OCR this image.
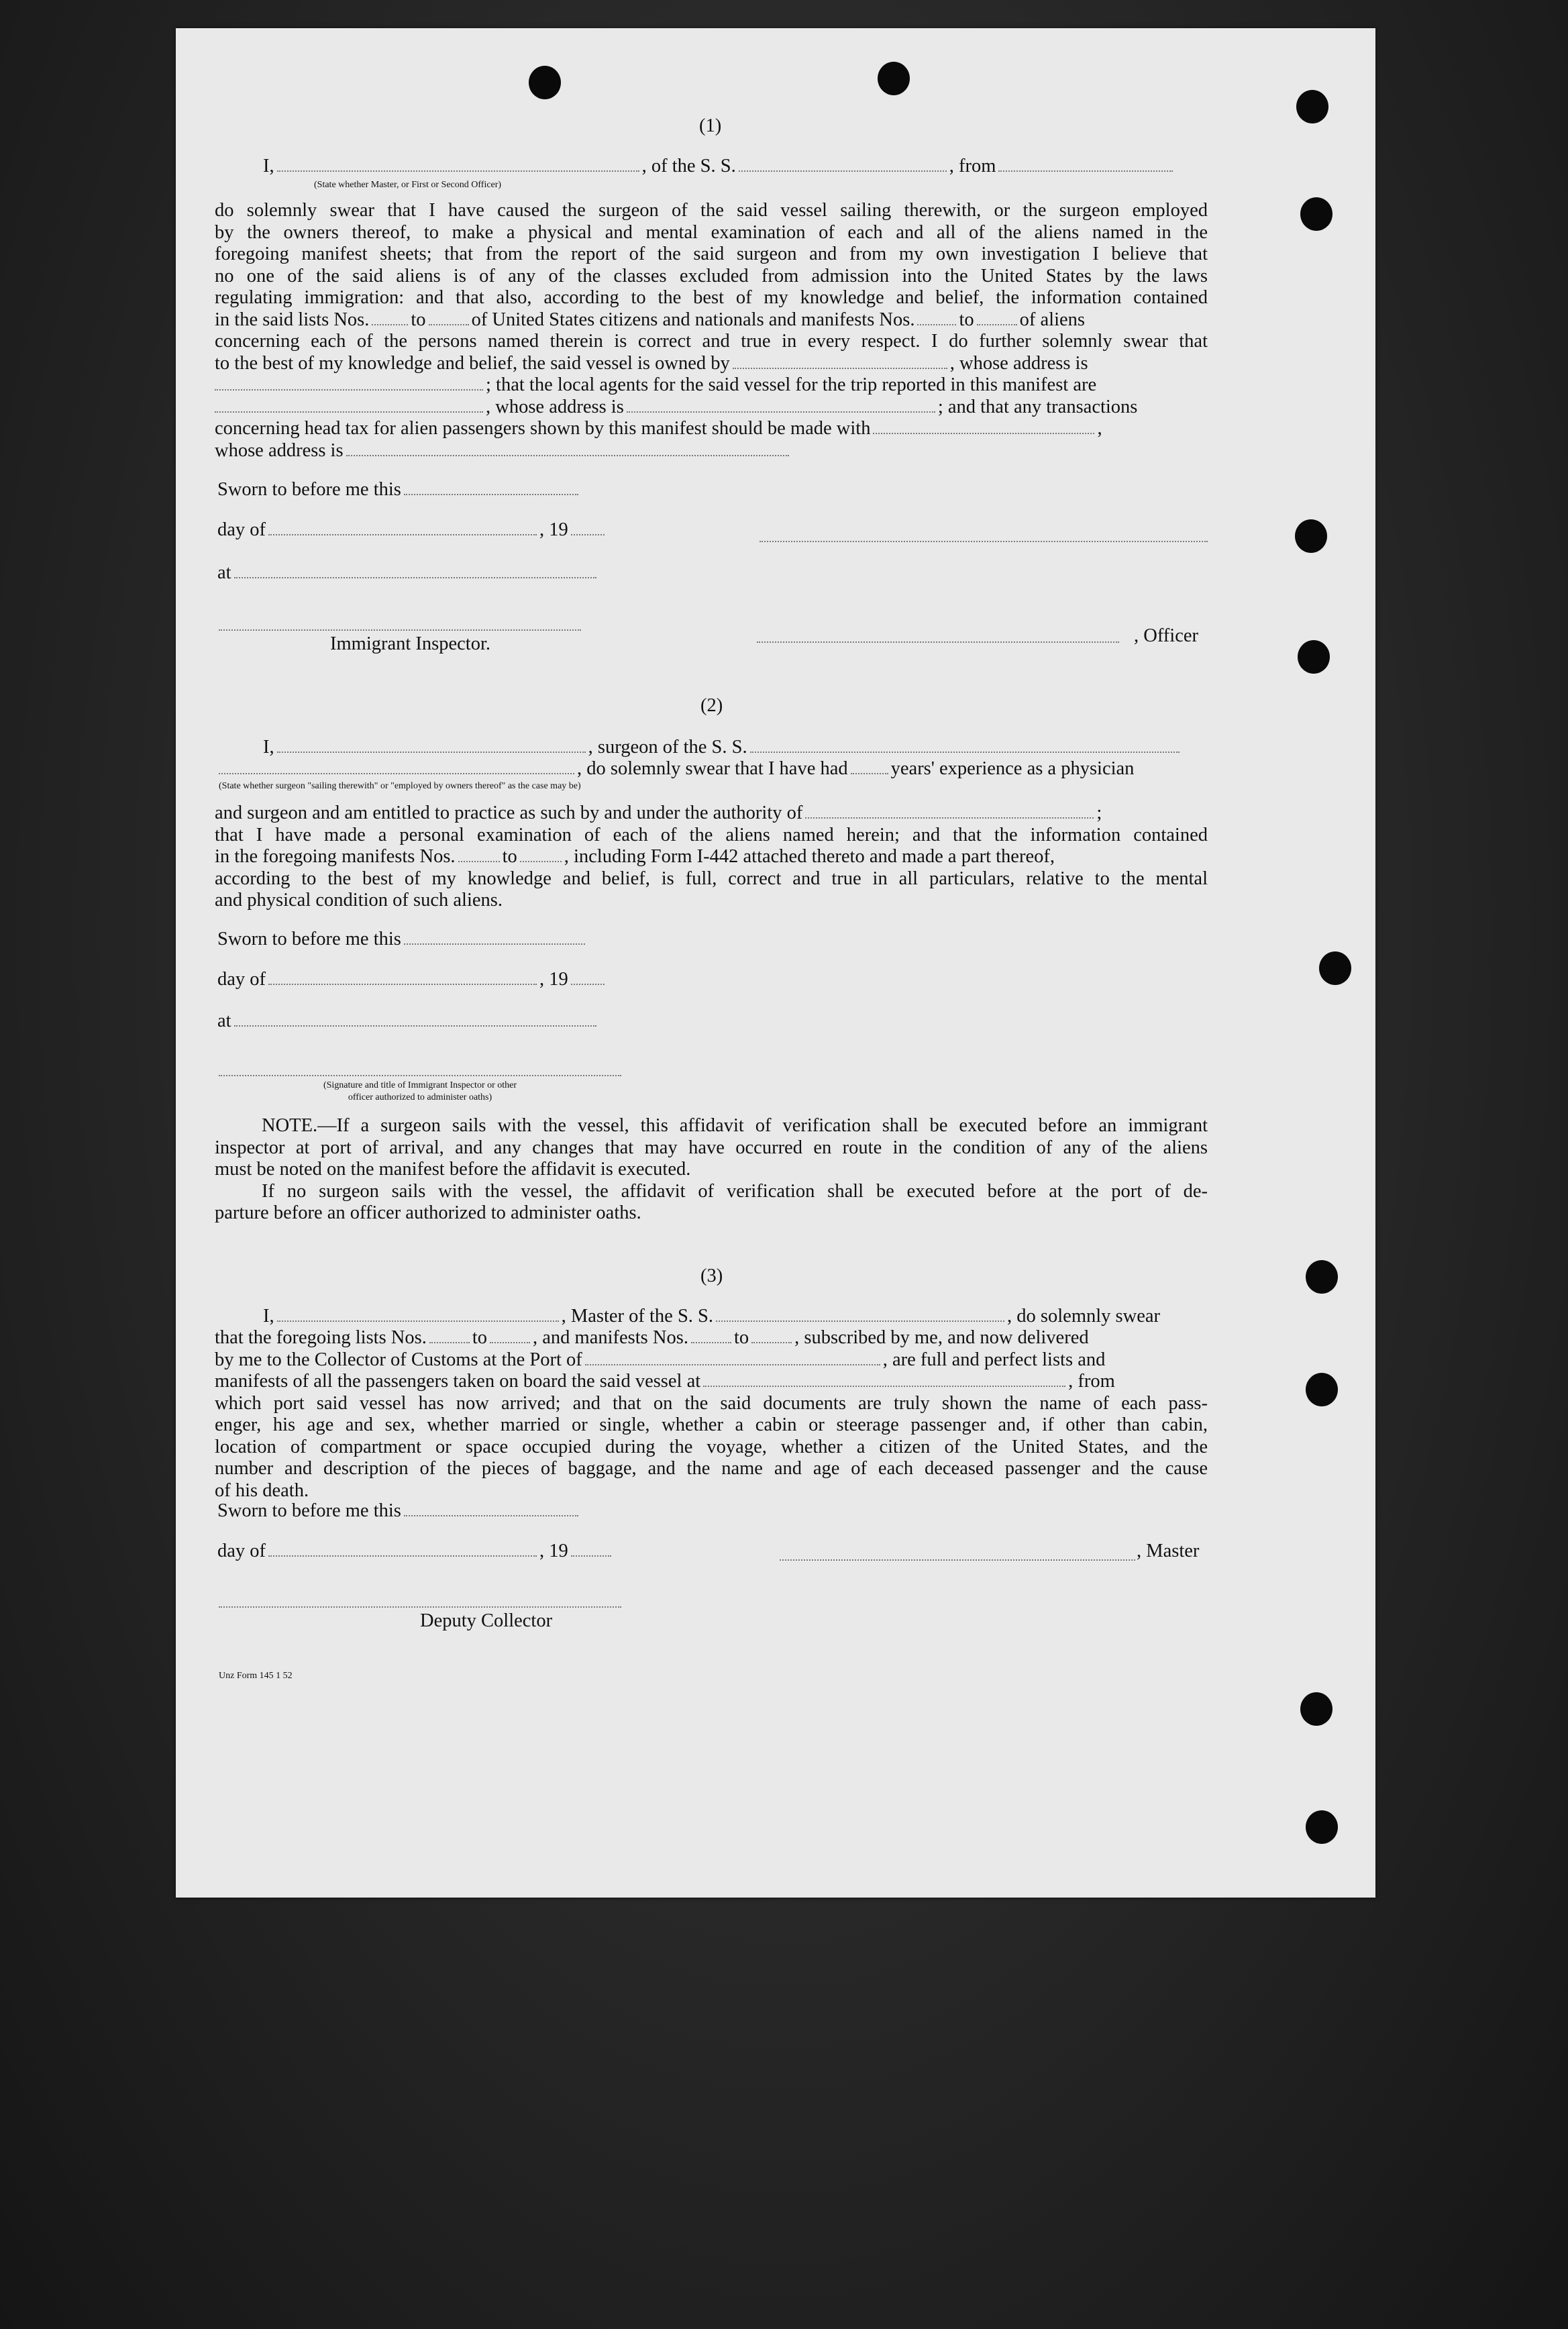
(1)
I,	, of the S. S.	, from
(State whether Master, or First or Second Officer)
do solemnly swear that I have caused the surgeon of the said vessel sailing therewith, or the surgeon employed
by the owners thereof, to make a physical and mental examination of each and all of the aliens named in the
foregoing manifest sheets; that from the report of the said surgeon and from my own investigation I believe that
no one of the said aliens is of any of the classes excluded from admission into the United States by the laws
regulating immigration: and that also, according to the best of my knowledge and belief, the information contained
in the said lists Nos. to of United States citizens and nationals and manifests Nos. to of aliens
concerning each of the persons named therein is correct and true in every respect. I do further solemnly swear that
to the best of my knowledge and belief, the said vessel is owned by	, whose address is
; that the local agents for the said vessel for the trip reported in this manifest are
, whose address is	; and that any transactions
concerning head tax for alien passengers shown by this manifest should be made with	,
whose address is
Sworn to before me this
day of	, 19
at
Immigrant Inspector.	, Officer
(2)
I,	, surgeon of the S. S.
, do solemnly swear that I have had years' experience as a physician
(State whether surgeon "sailing therewith" or "employed by owners thereof" as the case may be)
and surgeon and am entitled to practice as such by and under the authority of	;
that I have made a personal examination of each of the aliens named herein; and that the information contained
in the foregoing manifests Nos. to , including Form I-442 attached thereto and made a part thereof,
according to the best of my knowledge and belief, is full, correct and true in all particulars, relative to the mental
and physical condition of such aliens.
Sworn to before me this
day of	, 19
at
(Signature and title of Immigrant Inspector or other
officer authorized to administer oaths)
NOTE.—If a surgeon sails with the vessel, this affidavit of verification shall be executed before an immigrant
inspector at port of arrival, and any changes that may have occurred en route in the condition of any of the aliens
must be noted on the manifest before the affidavit is executed.
If no surgeon sails with the vessel, the affidavit of verification shall be executed before at the port of de-
parture before an officer authorized to administer oaths.
(3)
I,	, Master of the S. S.	, do solemnly swear
that the foregoing lists Nos. to , and manifests Nos. to , subscribed by me, and now delivered
by me to the Collector of Customs at the Port of	, are full and perfect lists and
manifests of all the passengers taken on board the said vessel at	, from
which port said vessel has now arrived; and that on the said documents are truly shown the name of each pass-
enger, his age and sex, whether married or single, whether a cabin or steerage passenger and, if other than cabin,
location of compartment or space occupied during the voyage, whether a citizen of the United States, and the
number and description of the pieces of baggage, and the name and age of each deceased passenger and the cause
of his death.
Sworn to before me this
day of	, 19	, Master
Deputy Collector
Unz Form 145 1 52
